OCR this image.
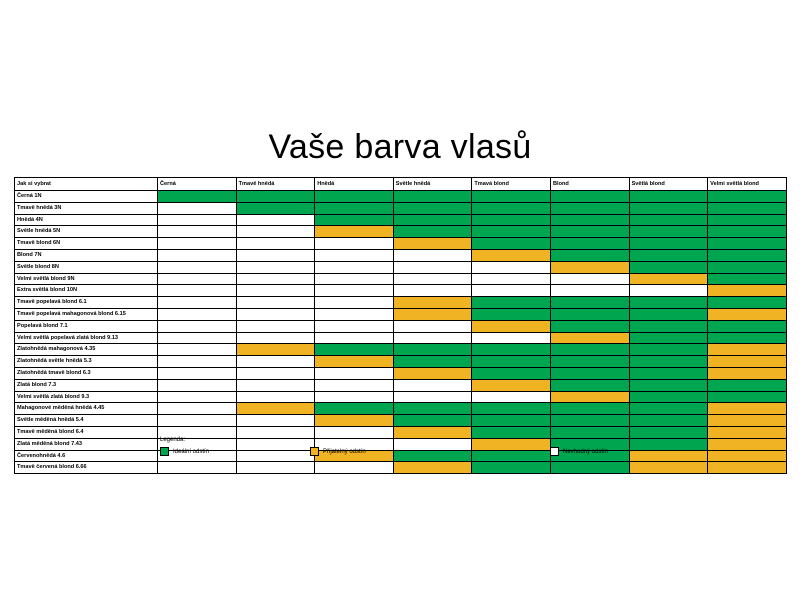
Vaše barva vlasů
Jak si vybrat	Černá	Tmavě hnědá	Hnědá	Světle hnědá	Tmavá blond	Blond	Světlá blond	Velmi světlá blond
Černá 1N								
Tmavě hnědá 3N								
Hnědá 4N								
Světle hnědá 5N								
Tmavě blond 6N								
Blond 7N								
Světle blond 8N								
Velmi světlá blond 9N								
Extra světlá blond 10N								
Tmavě popelavá blond 6.1								
Tmavě popelavá mahagonová blond 6.15								
Popelavá blond 7.1								
Velmi světlá popelavá zlatá blond 9.13								
Zlatohnědá mahagonová 4.35								
Zlatohnědá světle hnědá 5.3								
Zlatohnědá tmavě blond 6.3								
Zlatá blond 7.3								
Velmi světlá zlatá blond 9.3								
Mahagonové měděná hnědá 4.45								
Světle měděná hnědá 5.4								
Tmavě měděná blond 6.4								
Zlatá měděná blond 7.43								
Červenohnědá 4.6								
Tmavě červená blond 6.66								
Legenda:
Ideální odstín	Přijatelný odstín	Nevhodný odstín
